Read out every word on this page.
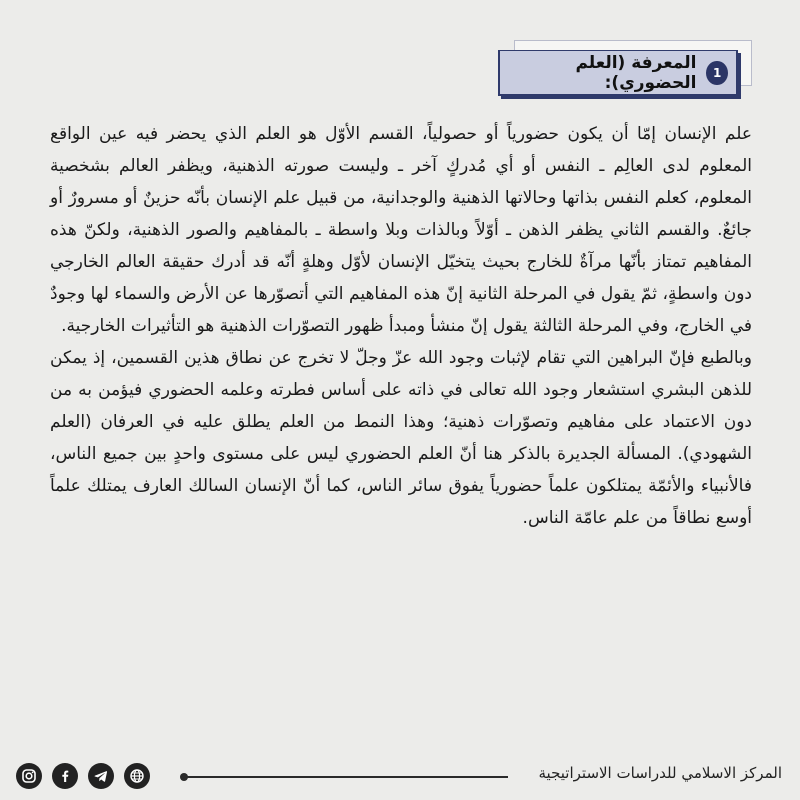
1
المعرفة (العلم الحضوري):

علم الإنسان إمّا أن يكون حضورياً أو حصولياً، القسم الأوّل هو العلم الذي يحضر فيه عين الواقع المعلوم لدى العالِم ـ النفس أو أي مُدركٍ آخر ـ وليست صورته الذهنية، ويظفر العالم بشخصية المعلوم، كعلم النفس بذاتها وحالاتها الذهنية والوجدانية، من قبيل علم الإنسان بأنّه حزينٌ أو مسرورٌ أو جائعٌ. والقسم الثاني يظفر الذهن ـ أوّلاً وبالذات وبلا واسطة ـ بالمفاهيم والصور الذهنية، ولكنّ هذه المفاهيم تمتاز بأنّها مرآةٌ للخارج بحيث يتخيّل الإنسان لأوّل وهلةٍ أنّه قد أدرك حقيقة العالم الخارجي دون واسطةٍ، ثمّ يقول في المرحلة الثانية إنّ هذه المفاهيم التي أتصوّرها عن الأرض والسماء لها وجودٌ في الخارج، وفي المرحلة الثالثة يقول إنّ منشأ ومبدأ ظهور التصوّرات الذهنية هو التأثيرات الخارجية.

وبالطبع فإنّ البراهين التي تقام لإثبات وجود الله عزّ وجلّ لا تخرج عن نطاق هذين القسمين، إذ يمكن للذهن البشري استشعار وجود الله تعالى في ذاته على أساس فطرته وعلمه الحضوري فيؤمن به من دون الاعتماد على مفاهيم وتصوّرات ذهنية؛ وهذا النمط من العلم يطلق عليه في العرفان (العلم الشهودي). المسألة الجديرة بالذكر هنا أنّ العلم الحضوري ليس على مستوى واحدٍ بين جميع الناس، فالأنبياء والأئمّة يمتلكون علماً حضورياً يفوق سائر الناس، كما أنّ الإنسان السالك العارف يمتلك علماً أوسع نطاقاً من علم عامّة الناس.

المركز الاسلامي للدراسات الاستراتيجية
